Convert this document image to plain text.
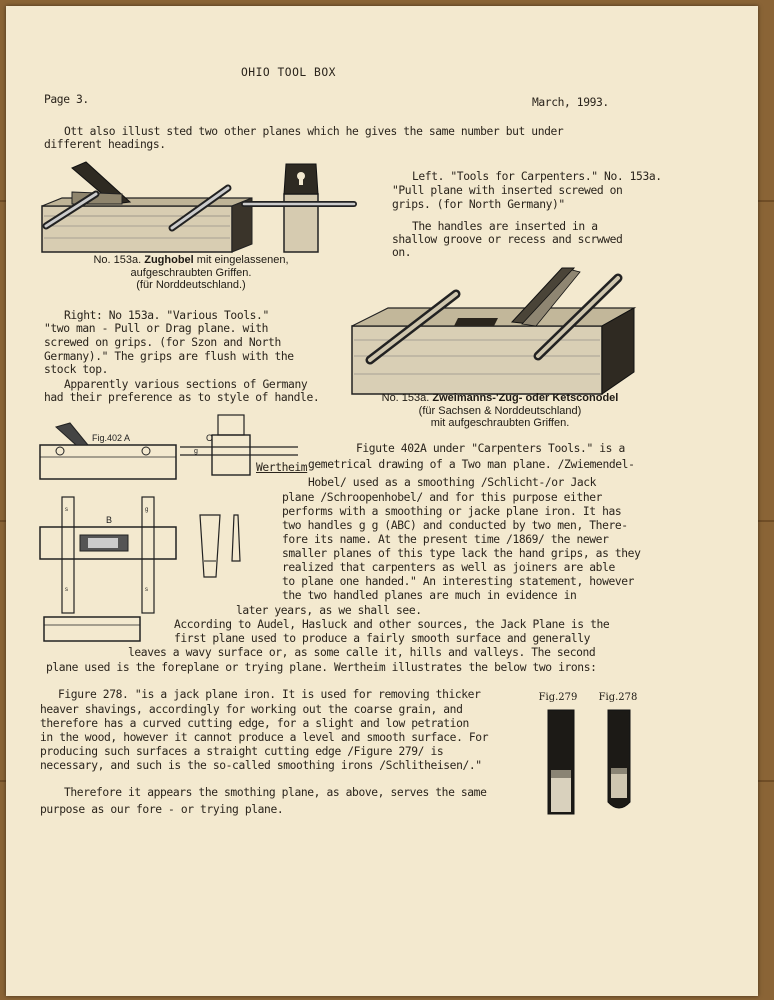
OHIO TOOL BOX
Page 3.	March, 1993.
Ott also illust sted two other planes which he gives the same number but under
different headings.
No. 153a. Zughobel mit eingelassenen,
aufgeschraubten Griffen.
(für Norddeutschland.)
Left. "Tools for Carpenters." No. 153a.
"Pull plane with inserted screwed on
grips. (for North Germany)"
The handles are inserted in a
shallow groove or recess and scrwwed
on.
Right: No 153a. "Various Tools."
"two man - Pull or Drag plane. with
screwed on grips. (for Szon and North
Germany)." The grips are flush with the
stock top.
Apparently various sections of Germany
had their preference as to style of handle.	No. 153a. Zweimanns-'Zug- oder Ketsconodel
(für Sachsen & Norddeutschland)
mit aufgeschraubten Griffen.
Fig.402 A	C
g
B
s
s	s
g
Wertheim
Figute 402A under "Carpenters Tools." is a
gemetrical drawing of a Two man plane. /Zwiemendel-
Hobel/ used as a smoothing /Schlicht-/or Jack
plane /Schroopenhobel/ and for this purpose either
performs with a smoothing or jacke plane iron. It has
two handles g g (ABC) and conducted by two men, There-
fore its name. At the present time /1869/ the newer
smaller planes of this type lack the hand grips, as they
realized that carpenters as well as joiners are able
to plane one handed." An interesting statement, however
the two handled planes are much in evidence in
later years, as we shall see.
According to Audel, Hasluck and other sources, the Jack Plane is the
first plane used to produce a fairly smooth surface and generally
leaves a wavy surface or, as some calle it, hills and valleys. The second
plane used is the foreplane or trying plane. Wertheim illustrates the below two irons:
Figure 278. "is a jack plane iron. It is used for removing thicker
heaver shavings, accordingly for working out the coarse grain, and
therefore has a curved cutting edge, for a slight and low petration
in the wood, however it cannot produce a level and smooth surface. For
producing such surfaces a straight cutting edge /Figure 279/ is
necessary, and such is the so-called smoothing irons /Schlitheisen/."
Fig.279 Fig.278
Therefore it appears the smothing plane, as above, serves the same
purpose as our fore - or trying plane.
